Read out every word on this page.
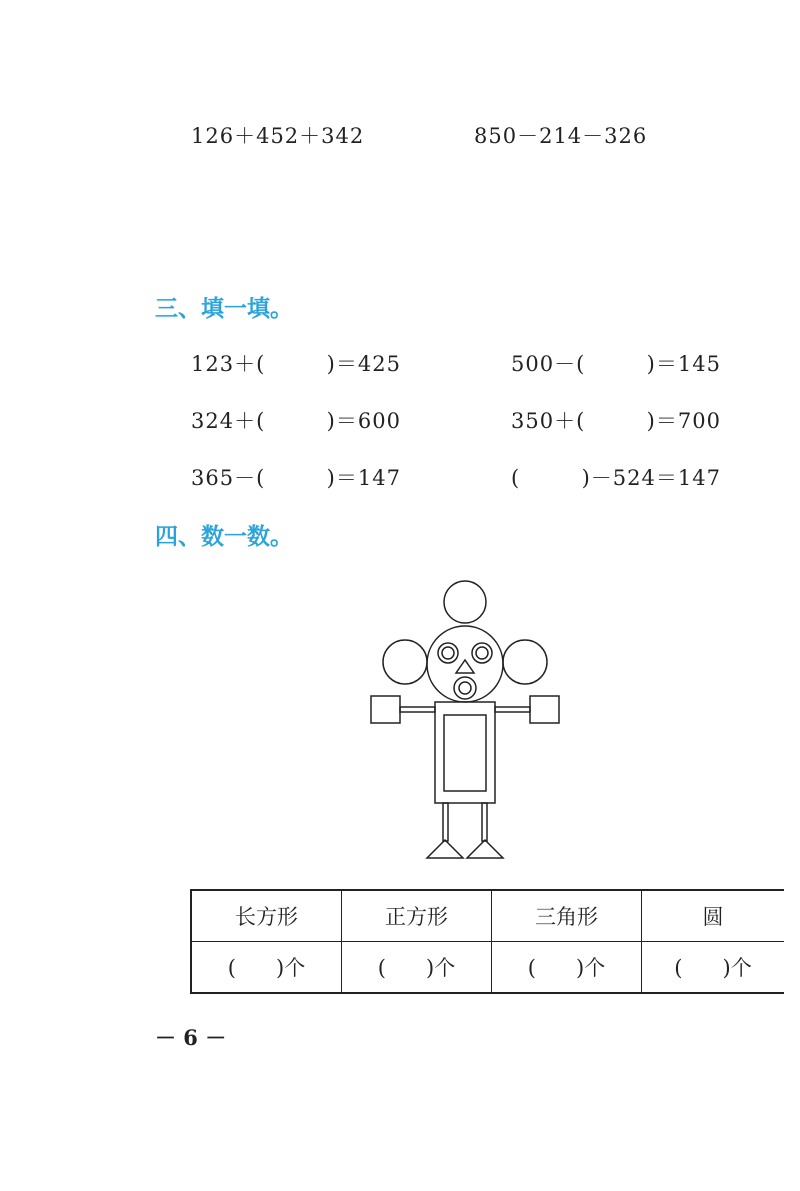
126＋452＋342	850－214－326
三、填一填。
123＋(        )＝425	500－(        )＝145
324＋(        )＝600	350＋(        )＝700
365－(        )＝147	(        )－524＝147
四、数一数。
长方形	正方形	三角形	圆
(      )个	(      )个	(      )个	(      )个
－ 6 －
